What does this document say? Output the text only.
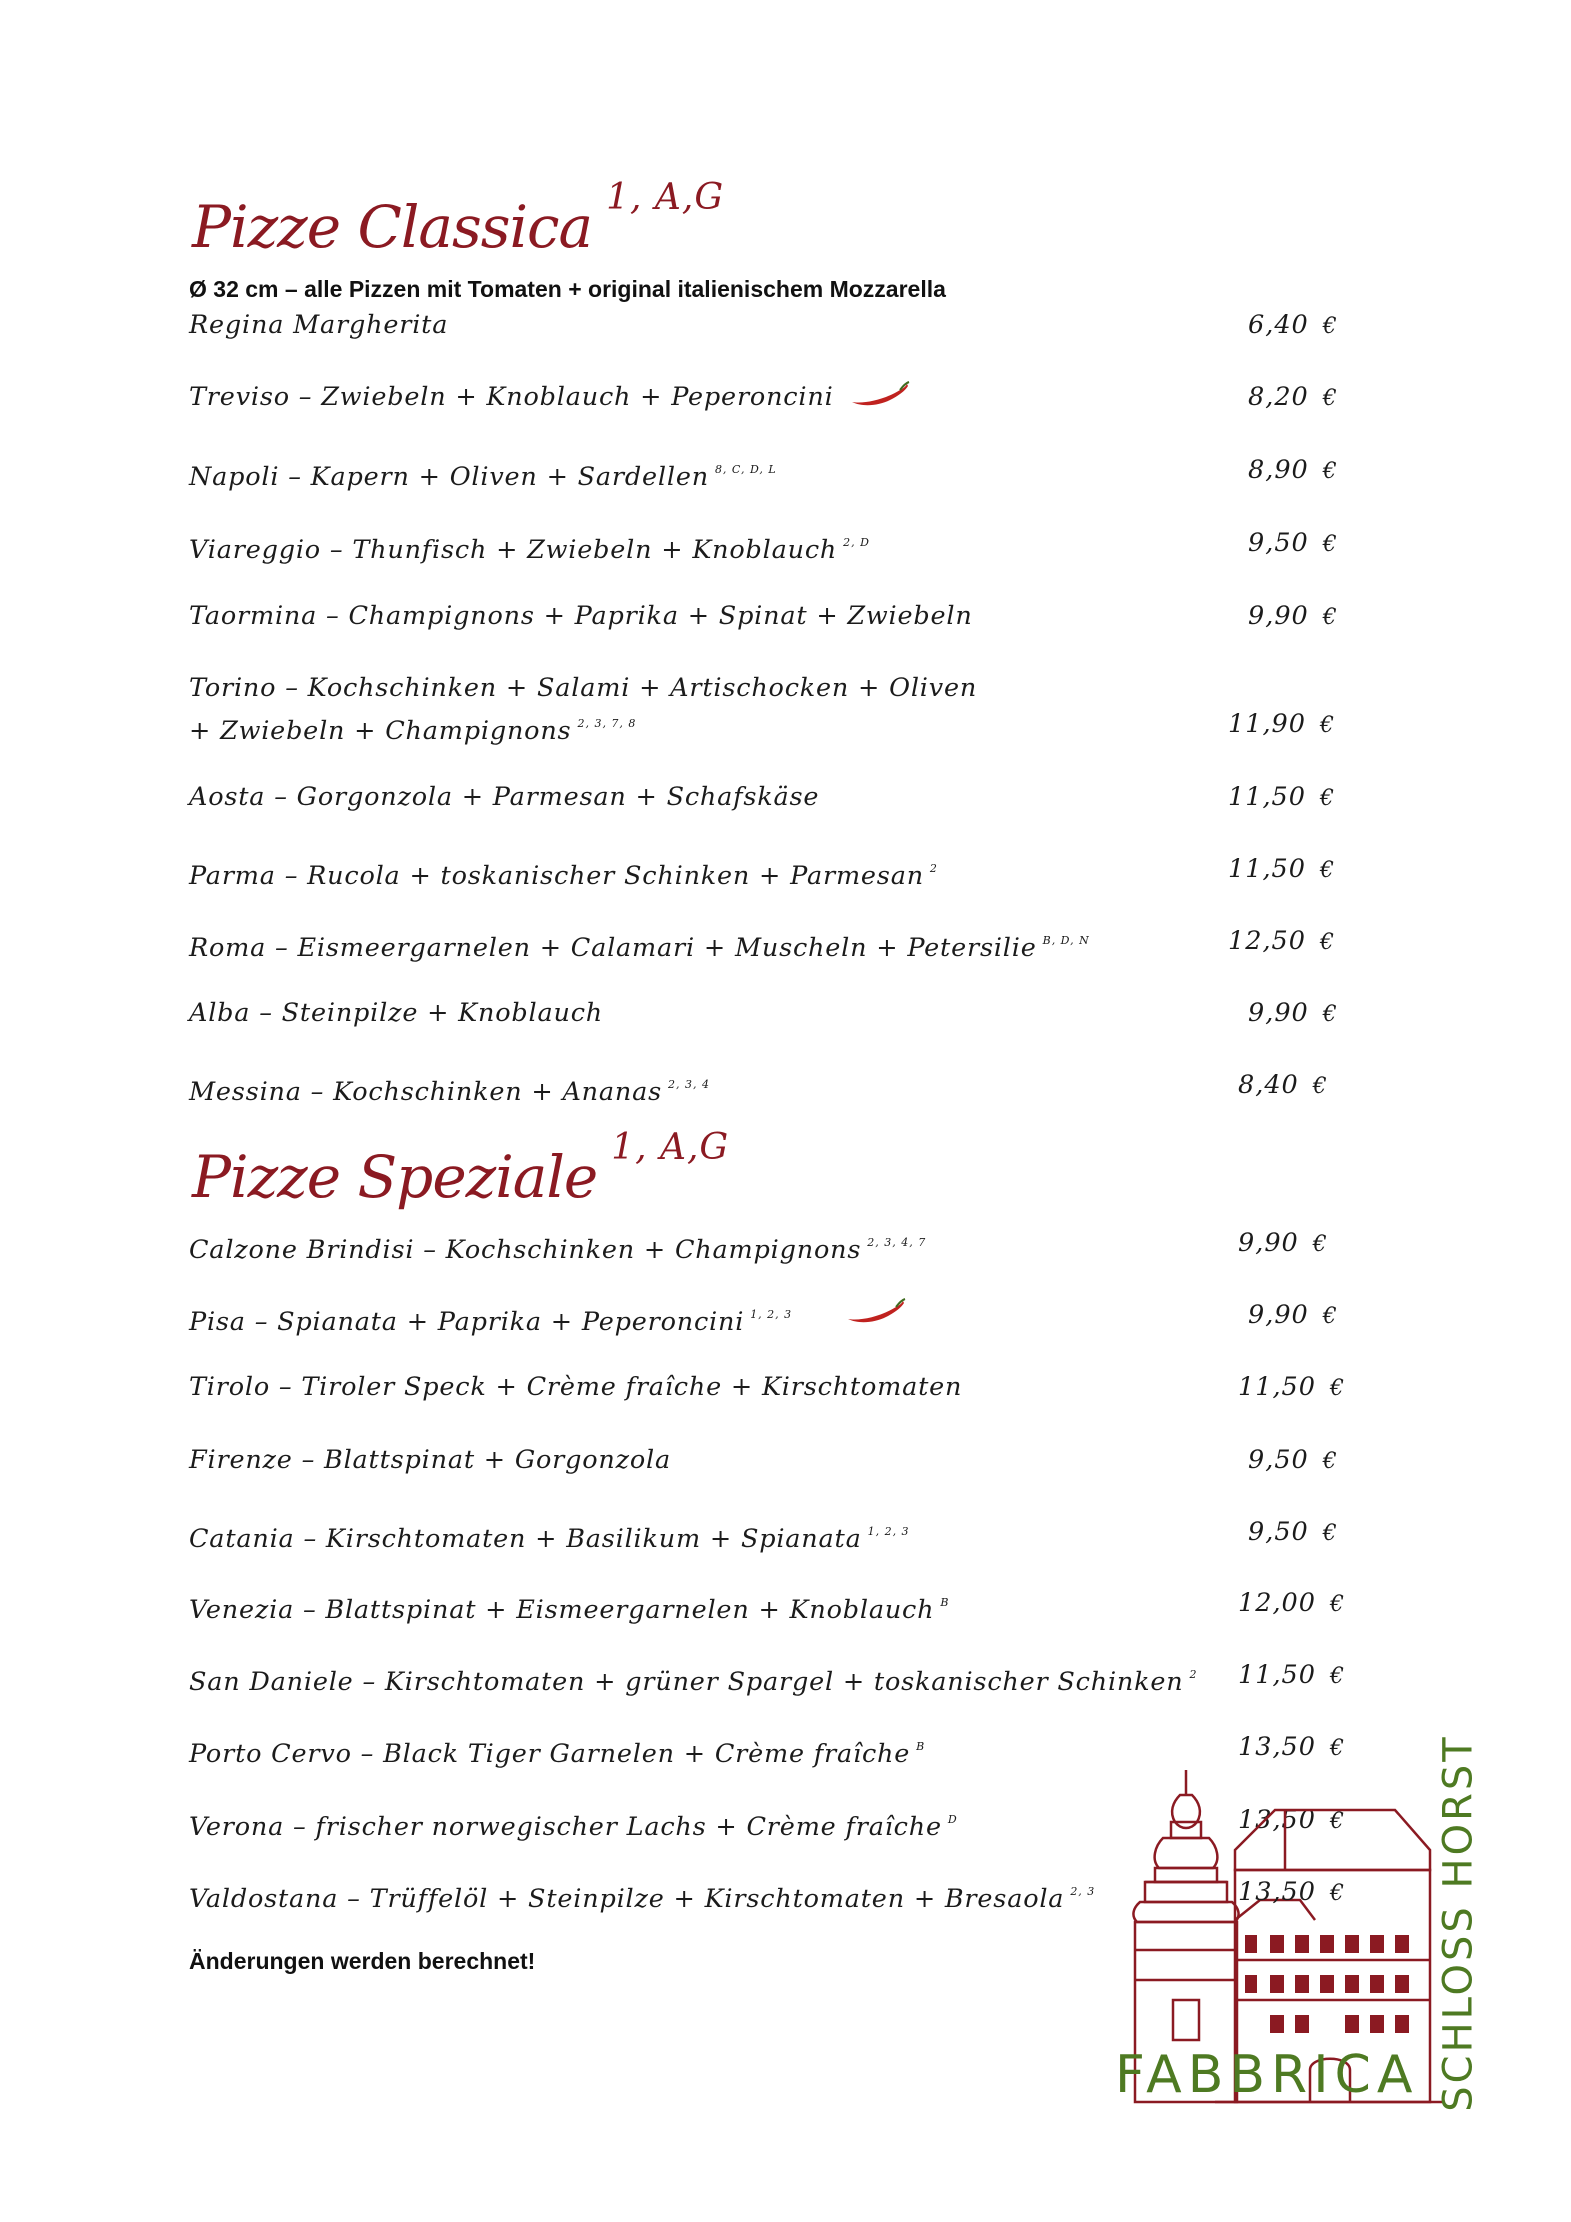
Pizze Classica $^{1, A,G}$
Ø 32 cm – alle Pizzen mit Tomaten + original italienischem Mozzarella
Regina Margherita	6,40 €
Treviso – Zwiebeln + Knoblauch + Peperoncini	8,20 €
Napoli – Kapern + Oliven + Sardellen $^{8, C, D, L}$	8,90 €
Viareggio – Thunfisch + Zwiebeln + Knoblauch $^{2, D}$	9,50 €
Taormina – Champignons + Paprika + Spinat + Zwiebeln	9,90 €
Torino – Kochschinken + Salami + Artischocken + Oliven
+ Zwiebeln + Champignons $^{2, 3, 7, 8}$	11,90 €
Aosta – Gorgonzola + Parmesan + Schafskäse	11,50 €
Parma – Rucola + toskanischer Schinken + Parmesan $^2$	11,50 €
Roma – Eismeergarnelen + Calamari + Muscheln + Petersilie $^{B, D, N}$	12,50 €
Alba – Steinpilze + Knoblauch	9,90 €
Messina – Kochschinken + Ananas $^{2, 3, 4}$	8,40 €
Pizze Speziale $^{1, A,G}$
Calzone Brindisi – Kochschinken + Champignons $^{2, 3, 4, 7}$	9,90 €
Pisa – Spianata + Paprika + Peperoncini $^{1, 2, 3}$	9,90 €
Tirolo – Tiroler Speck + Crème fraîche + Kirschtomaten	11,50 €
Firenze – Blattspinat + Gorgonzola	9,50 €
Catania – Kirschtomaten + Basilikum + Spianata $^{1, 2, 3}$	9,50 €
Venezia – Blattspinat + Eismeergarnelen + Knoblauch $^B$	12,00 €
San Daniele – Kirschtomaten + grüner Spargel + toskanischer Schinken $^2$ 11,50 €
Porto Cervo – Black Tiger Garnelen + Crème fraîche $^B$	13,50 €
Verona – frischer norwegischer Lachs + Crème fraîche $^D$	13,50 €
Valdostana – Trüffelöl + Steinpilze + Kirschtomaten + Bresaola $^{2, 3}$	13,50 €
Änderungen werden berechnet!
FABBRICA SCHLOSS HORST
